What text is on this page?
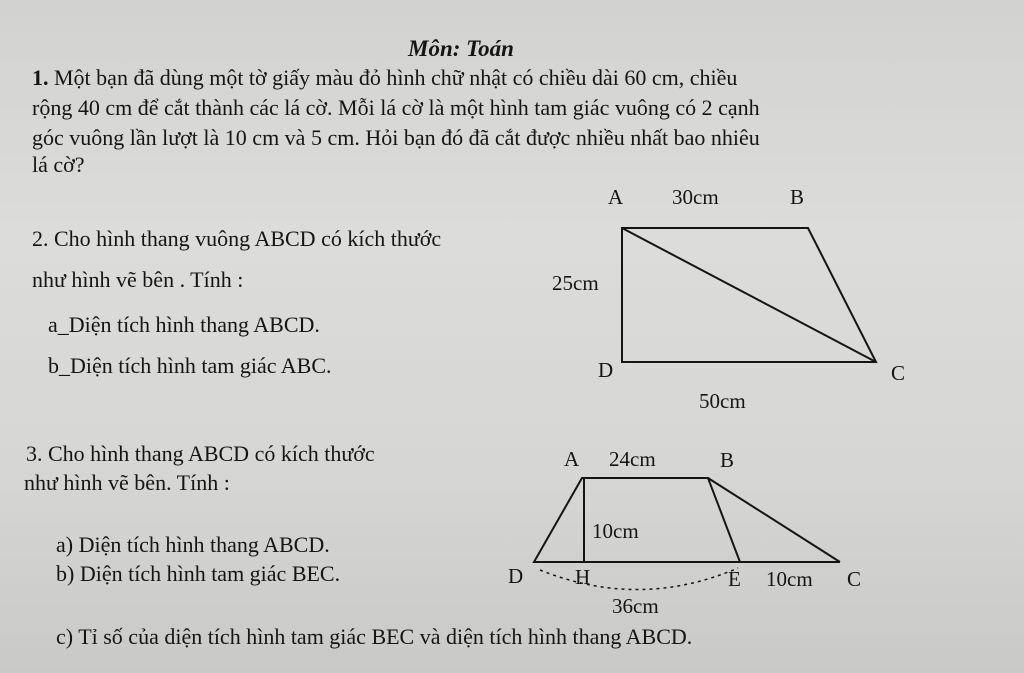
Môn: Toán
1. Một bạn đã dùng một tờ giấy màu đỏ hình chữ nhật có chiều dài 60 cm, chiều
rộng 40 cm để cắt thành các lá cờ. Mỗi lá cờ là một hình tam giác vuông có 2 cạnh
góc vuông lần lượt là 10 cm và 5 cm. Hỏi bạn đó đã cắt được nhiều nhất bao nhiêu
lá cờ?
2. Cho hình thang vuông ABCD có kích thước
như hình vẽ bên . Tính :
a_Diện tích hình thang ABCD.
b_Diện tích hình tam giác ABC.
A 30cm	B
25cm
D	C
50cm
3. Cho hình thang ABCD có kích thước
như hình vẽ bên. Tính :
a) Diện tích hình thang ABCD.
b) Diện tích hình tam giác BEC.
c) Tỉ số của diện tích hình tam giác BEC và diện tích hình thang ABCD.
A 24cm	B
10cm
D H	E 10cm C
36cm
